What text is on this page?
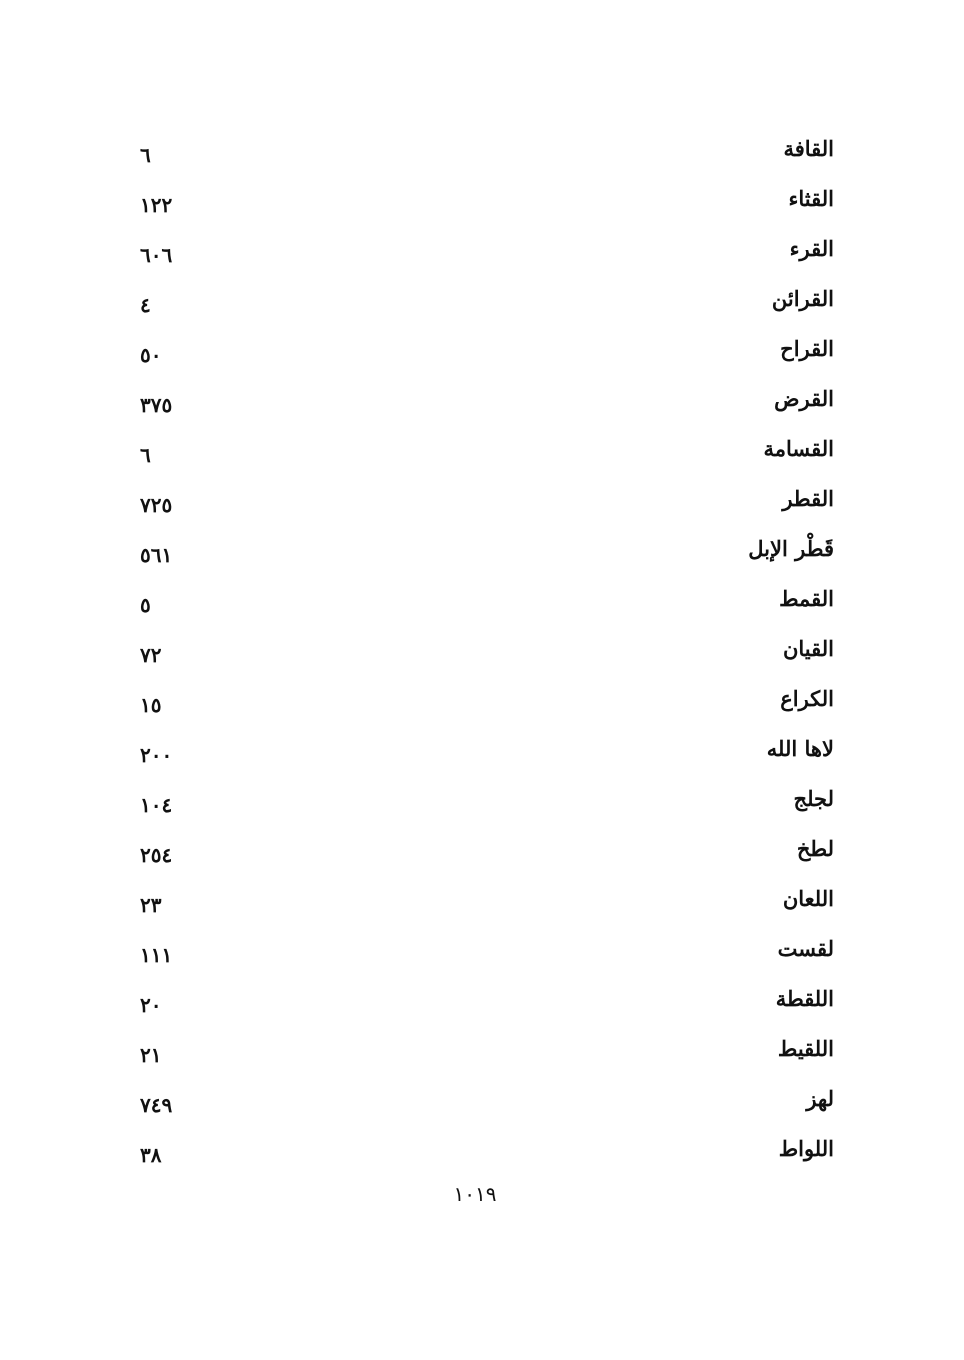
القافة
٦
القثاء
١٢٢
القرء
٦٠٦
القرائن
٤
القراح
٥٠
القرض
٣٧٥
القسامة
٦
القطر
٧٢٥
قَطْر الإبل
٥٦١
القمط
٥
القيان
٧٢
الكراع
١٥
لاها الله
٢٠٠
لجلج
١٠٤
لطخ
٢٥٤
اللعان
٢٣
لقست
١١١
اللقطة
٢٠
اللقيط
٢١
لهز
٧٤٩
اللواط
٣٨
١٠١٩
